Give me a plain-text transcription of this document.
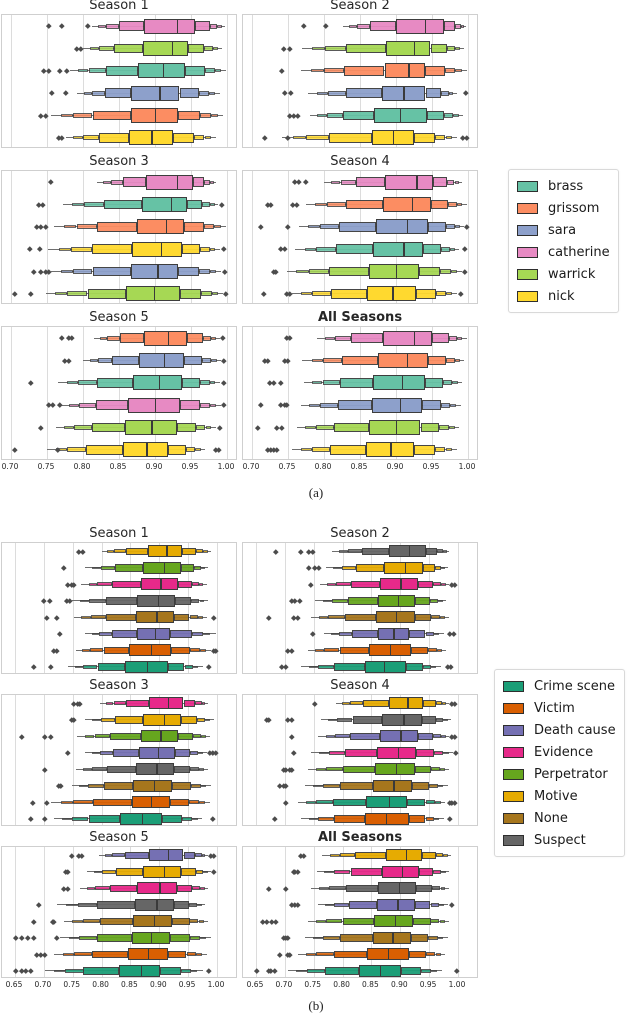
Season 1	Season 2
Season 3	Season 4
Season 5
0.70	0.75	0.80	0.85	0.90	0.95	1.00
All Seasons
0.70	0.75	0.80	0.85	0.90	0.95	1.00
brass
grissom
sara
catherine
warrick
nick
(a)
Season 1	Season 2
Season 3	Season 4
Season 5
0.65	0.70	0.75	0.80	0.85	0.90	0.95	1.00
All Seasons
0.65	0.70	0.75	0.80	0.85	0.90	0.95	1.00
Crime scene
Victim
Death cause
Evidence
Perpetrator
Motive
None
Suspect
(b)
